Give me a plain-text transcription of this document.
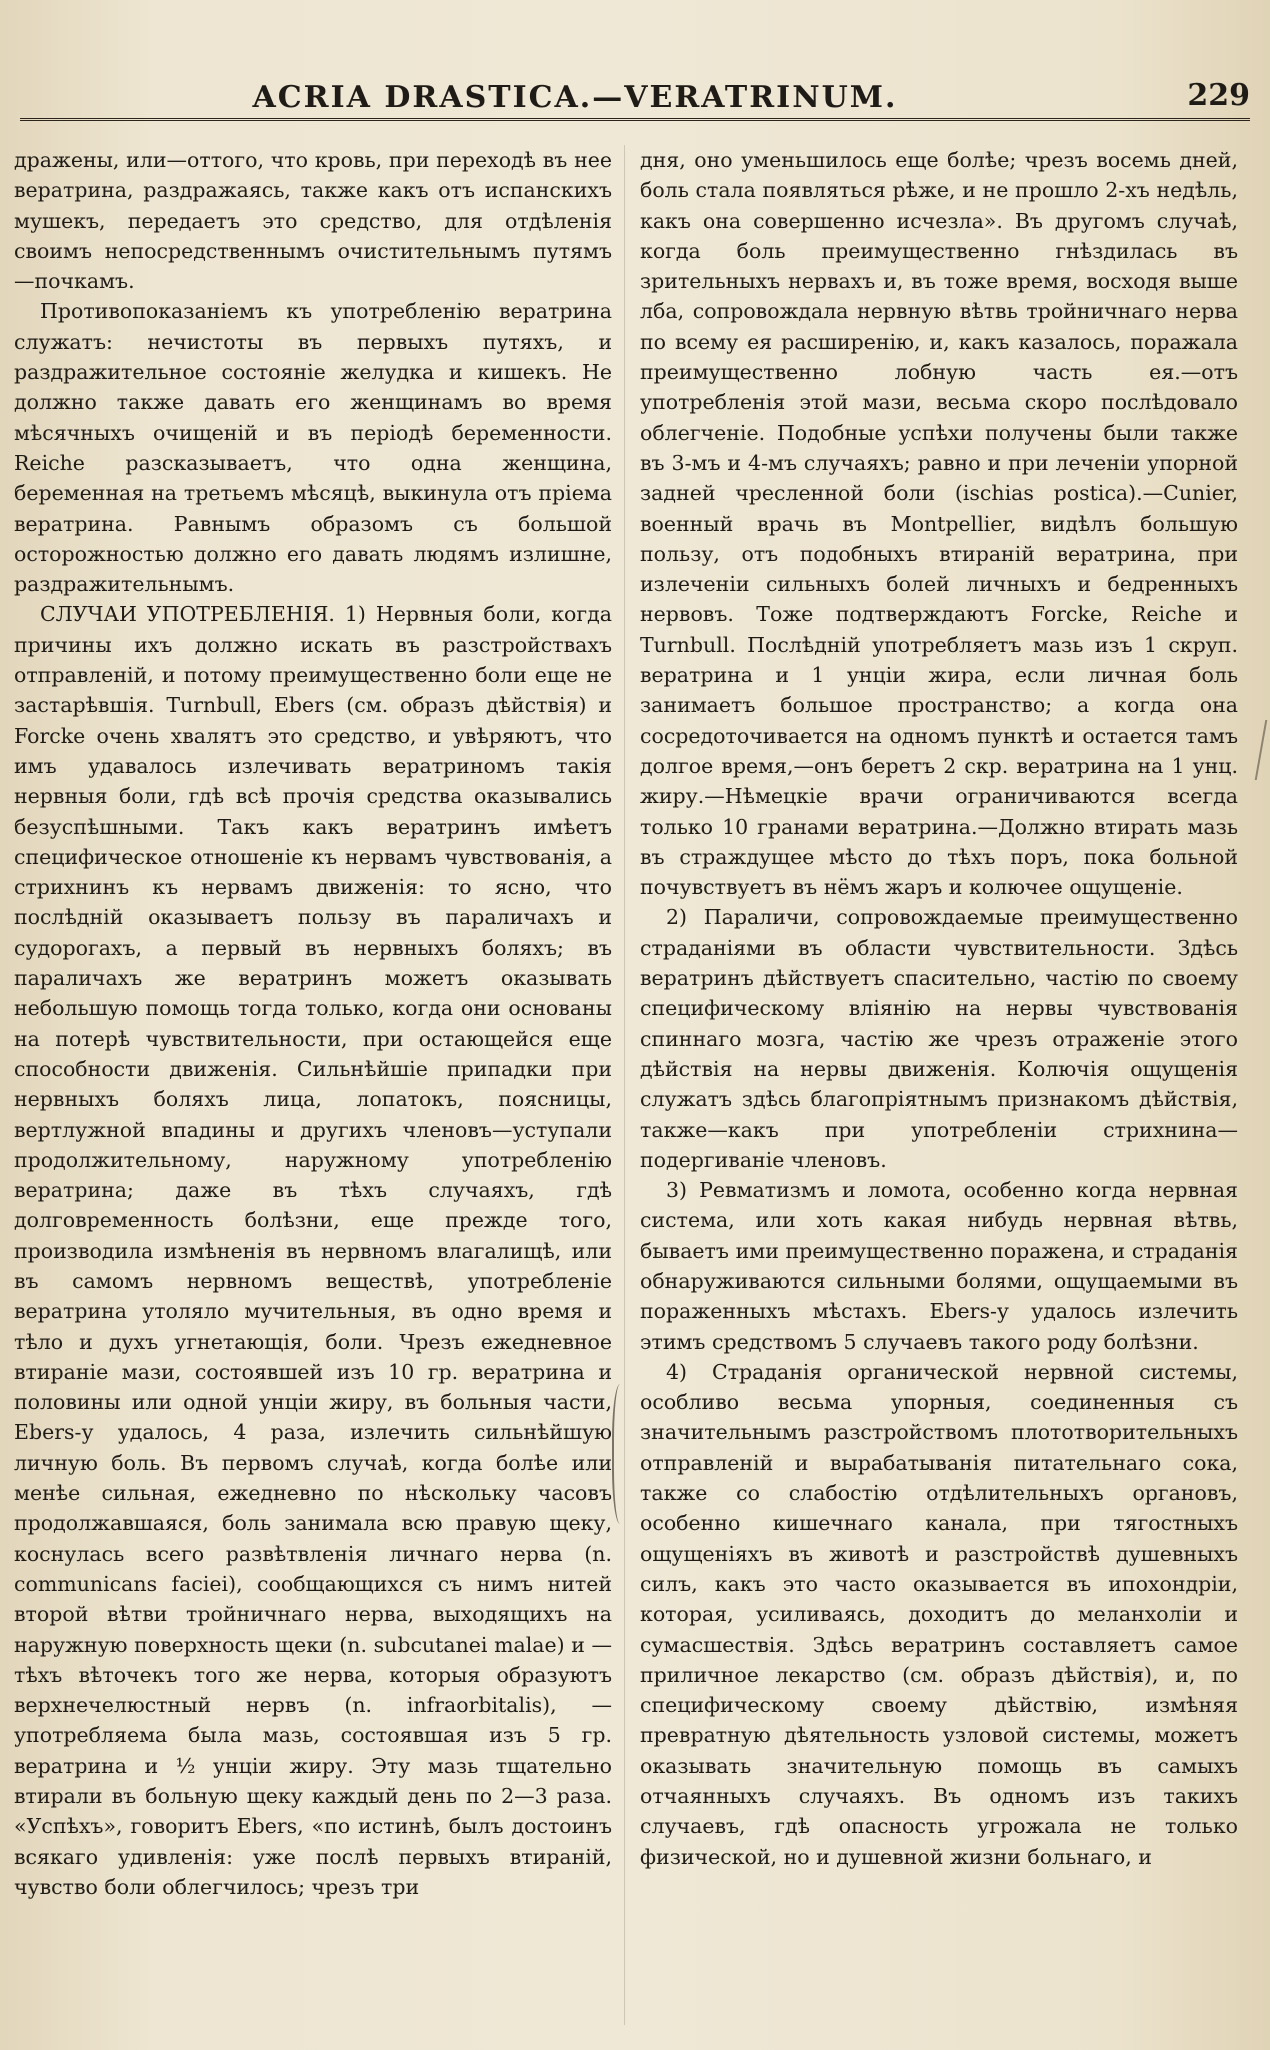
ACRIA DRASTICA.—VERATRINUM.	229

дражены, или—оттого, что кровь, при переходѣ въ нее вератрина, раздражаясь, также какъ отъ испанскихъ мушекъ, передаетъ это средство, для отдѣленія своимъ непосредственнымъ очистительнымъ путямъ—почкамъ.

Противопоказаніемъ къ употребленію вератрина служатъ: нечистоты въ первыхъ путяхъ, и раздражительное состояніе желудка и кишекъ. Не должно также давать его женщинамъ во время мѣсячныхъ очищеній и въ періодѣ беременности. Reiche разсказываетъ, что одна женщина, беременная на третьемъ мѣсяцѣ, выкинула отъ пріема вератрина. Равнымъ образомъ съ большой осторожностью должно его давать людямъ излишне, раздражительнымъ.

СЛУЧАИ УПОТРЕБЛЕНІЯ. 1) Нервныя боли, когда причины ихъ должно искать въ разстройствахъ отправленій, и потому преимущественно боли еще не застарѣвшія. Turnbull, Ebers (см. образъ дѣйствія) и Forcke очень хвалятъ это средство, и увѣряютъ, что имъ удавалось излечивать вератриномъ такія нервныя боли, гдѣ всѣ прочія средства оказывались безуспѣшными. Такъ какъ вератринъ имѣетъ специфическое отношеніе къ нервамъ чувствованія, а стрихнинъ къ нервамъ движенія: то ясно, что послѣдній оказываетъ пользу въ параличахъ и судорогахъ, а первый въ нервныхъ боляхъ; въ параличахъ же вератринъ можетъ оказывать небольшую помощь тогда только, когда они основаны на потерѣ чувствительности, при остающейся еще способности движенія. Сильнѣйшіе припадки при нервныхъ боляхъ лица, лопатокъ, поясницы, вертлужной впадины и другихъ членовъ—уступали продолжительному, наружному употребленію вератрина; даже въ тѣхъ случаяхъ, гдѣ долговременность болѣзни, еще прежде того, производила измѣненія въ нервномъ влагалищѣ, или въ самомъ нервномъ веществѣ, употребленіе вератрина утоляло мучительныя, въ одно время и тѣло и духъ угнетающія, боли. Чрезъ ежедневное втираніе мази, состоявшей изъ 10 гр. вератрина и половины или одной унціи жиру, въ больныя части, Ebers-у удалось, 4 раза, излечить сильнѣйшую личную боль. Въ первомъ случаѣ, когда болѣе или менѣе сильная, ежедневно по нѣскольку часовъ продолжавшаяся, боль занимала всю правую щеку, коснулась всего развѣтвленія личнаго нерва (n. communicans faciei), сообщающихся съ нимъ нитей второй вѣтви тройничнаго нерва, выходящихъ на наружную поверхность щеки (n. subcutanei malae) и — тѣхъ вѣточекъ того же нерва, которыя образуютъ верхнечелюстный нервъ (n. infraorbitalis), — употребляема была мазь, состоявшая изъ 5 гр. вератрина и ½ унціи жиру. Эту мазь тщательно втирали въ больную щеку каждый день по 2—3 раза. «Успѣхъ», говоритъ Ebers, «по истинѣ, былъ достоинъ всякаго удивленія: уже послѣ первыхъ втираній, чувство боли облегчилось; чрезъ три

дня, оно уменьшилось еще болѣе; чрезъ восемь дней, боль стала появляться рѣже, и не прошло 2-хъ недѣль, какъ она совершенно исчезла». Въ другомъ случаѣ, когда боль преимущественно гнѣздилась въ зрительныхъ нервахъ и, въ тоже время, восходя выше лба, сопровождала нервную вѣтвь тройничнаго нерва по всему ея расширенію, и, какъ казалось, поражала преимущественно лобную часть ея.—отъ употребленія этой мази, весьма скоро послѣдовало облегченіе. Подобные успѣхи получены были также въ 3-мъ и 4-мъ случаяхъ; равно и при леченіи упорной задней чресленной боли (ischias postica).—Cunier, военный врачь въ Montpellier, видѣлъ большую пользу, отъ подобныхъ втираній вератрина, при излеченіи сильныхъ болей личныхъ и бедренныхъ нервовъ. Тоже подтверждаютъ Forcke, Reiche и Turnbull. Послѣдній употребляетъ мазь изъ 1 скруп. вератрина и 1 унціи жира, если личная боль занимаетъ большое пространство; а когда она сосредоточивается на одномъ пунктѣ и остается тамъ долгое время,—онъ беретъ 2 скр. вератрина на 1 унц. жиру.—Нѣмецкіе врачи ограничиваются всегда только 10 гранами вератрина.—Должно втирать мазь въ страждущее мѣсто до тѣхъ поръ, пока больной почувствуетъ въ нёмъ жаръ и колючее ощущеніе.

2) Параличи, сопровождаемые преимущественно страданіями въ области чувствительности. Здѣсь вератринъ дѣйствуетъ спасительно, частію по своему специфическому вліянію на нервы чувствованія спиннаго мозга, частію же чрезъ отраженіе этого дѣйствія на нервы движенія. Колючія ощущенія служатъ здѣсь благопріятнымъ признакомъ дѣйствія, также—какъ при употребленіи стрихнина—подергиваніе членовъ.

3) Ревматизмъ и ломота, особенно когда нервная система, или хоть какая нибудь нервная вѣтвь, бываетъ ими преимущественно поражена, и страданія обнаруживаются сильными болями, ощущаемыми въ пораженныхъ мѣстахъ. Ebers-у удалось излечить этимъ средствомъ 5 случаевъ такого роду болѣзни.

4) Страданія органической нервной системы, особливо весьма упорныя, соединенныя съ значительнымъ разстройствомъ плототворительныхъ отправленій и вырабатыванія питательнаго сока, также со слабостію отдѣлительныхъ органовъ, особенно кишечнаго канала, при тягостныхъ ощущеніяхъ въ животѣ и разстройствѣ душевныхъ силъ, какъ это часто оказывается въ ипохондріи, которая, усиливаясь, доходитъ до меланхоліи и сумасшествія. Здѣсь вератринъ составляетъ самое приличное лекарство (см. образъ дѣйствія), и, по специфическому своему дѣйствію, измѣняя превратную дѣятельность узловой системы, можетъ оказывать значительную помощь въ самыхъ отчаянныхъ случаяхъ. Въ одномъ изъ такихъ случаевъ, гдѣ опасность угрожала не только физической, но и душевной жизни больнаго, и
